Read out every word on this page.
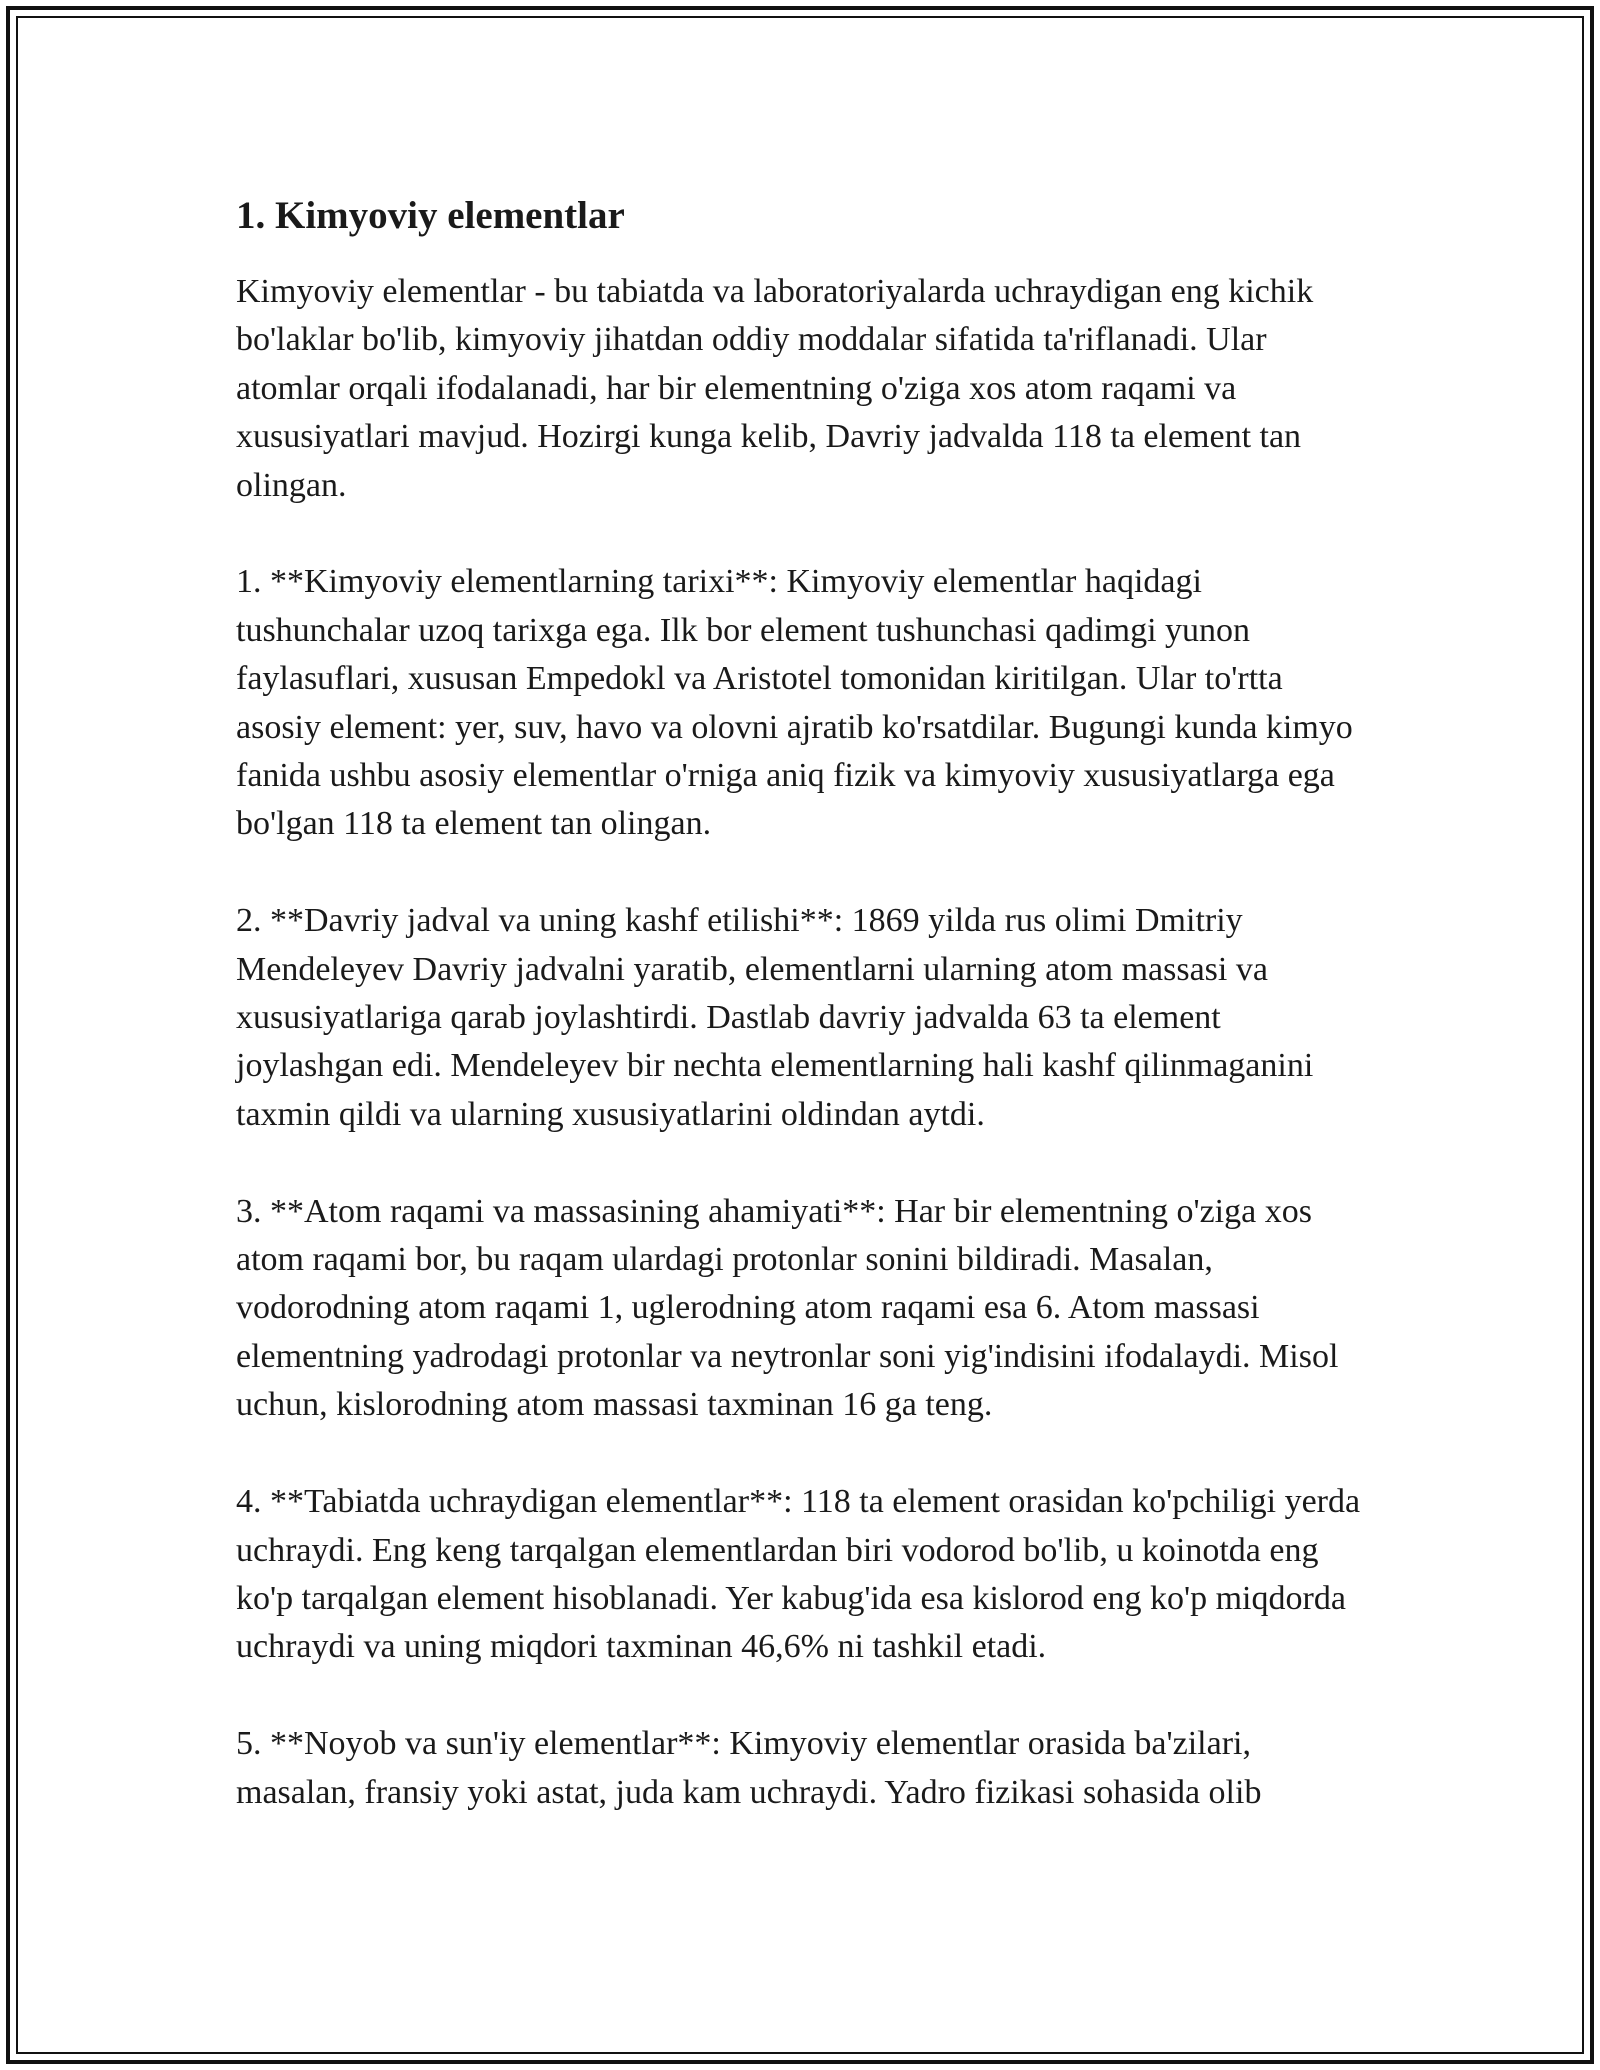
1. Kimyoviy elementlar

Kimyoviy elementlar - bu tabiatda va laboratoriyalarda uchraydigan eng kichik bo'laklar bo'lib, kimyoviy jihatdan oddiy moddalar sifatida ta'riflanadi. Ular atomlar orqali ifodalanadi, har bir elementning o'ziga xos atom raqami va xususiyatlari mavjud. Hozirgi kunga kelib, Davriy jadvalda 118 ta element tan olingan.

1. **Kimyoviy elementlarning tarixi**: Kimyoviy elementlar haqidagi tushunchalar uzoq tarixga ega. Ilk bor element tushunchasi qadimgi yunon faylasuflari, xususan Empedokl va Aristotel tomonidan kiritilgan. Ular to'rtta asosiy element: yer, suv, havo va olovni ajratib ko'rsatdilar. Bugungi kunda kimyo fanida ushbu asosiy elementlar o'rniga aniq fizik va kimyoviy xususiyatlarga ega bo'lgan 118 ta element tan olingan.

2. **Davriy jadval va uning kashf etilishi**: 1869 yilda rus olimi Dmitriy Mendeleyev Davriy jadvalni yaratib, elementlarni ularning atom massasi va xususiyatlariga qarab joylashtirdi. Dastlab davriy jadvalda 63 ta element joylashgan edi. Mendeleyev bir nechta elementlarning hali kashf qilinmaganini taxmin qildi va ularning xususiyatlarini oldindan aytdi.

3. **Atom raqami va massasining ahamiyati**: Har bir elementning o'ziga xos atom raqami bor, bu raqam ulardagi protonlar sonini bildiradi. Masalan, vodorodning atom raqami 1, uglerodning atom raqami esa 6. Atom massasi elementning yadrodagi protonlar va neytronlar soni yig'indisini ifodalaydi. Misol uchun, kislorodning atom massasi taxminan 16 ga teng.

4. **Tabiatda uchraydigan elementlar**: 118 ta element orasidan ko'pchiligi yerda uchraydi. Eng keng tarqalgan elementlardan biri vodorod bo'lib, u koinotda eng ko'p tarqalgan element hisoblanadi. Yer kabug'ida esa kislorod eng ko'p miqdorda uchraydi va uning miqdori taxminan 46,6% ni tashkil etadi.

5. **Noyob va sun'iy elementlar**: Kimyoviy elementlar orasida ba'zilari, masalan, fransiy yoki astat, juda kam uchraydi. Yadro fizikasi sohasida olib
